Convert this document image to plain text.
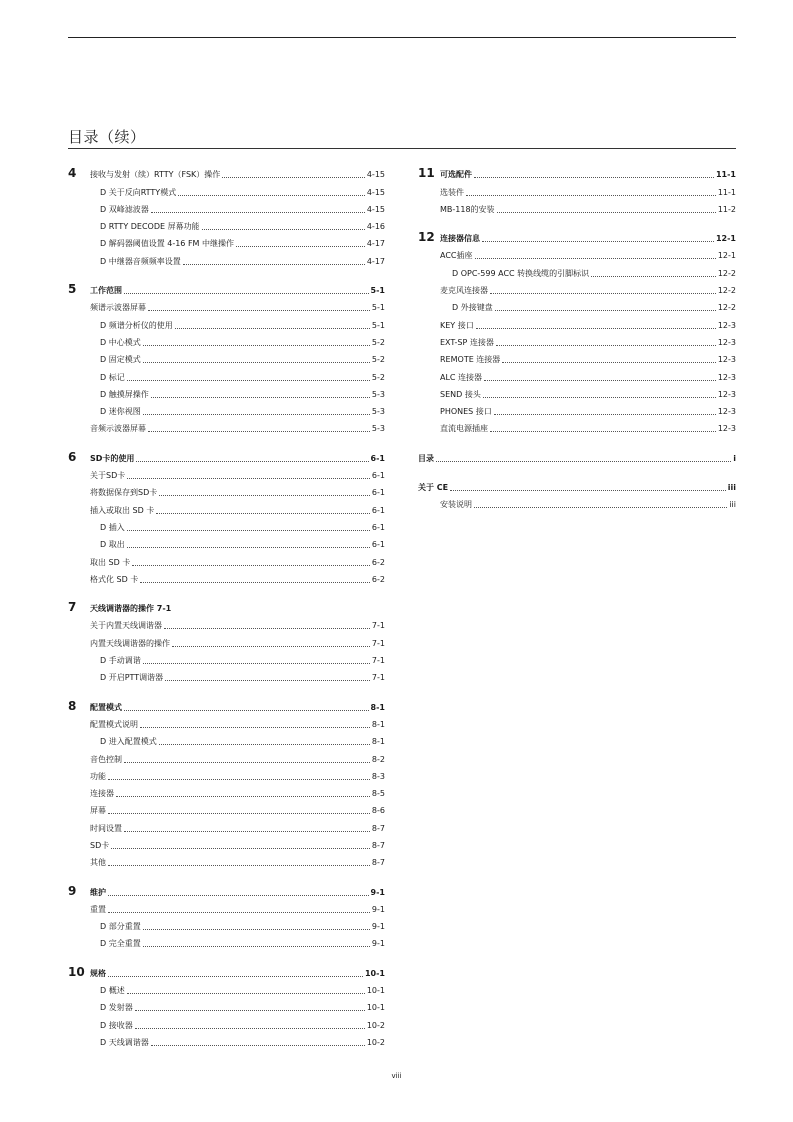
目录（续）
4	接收与发射（续）RTTY（FSK）操作	4-15
D 关于反向RTTY模式	4-15
D 双峰滤波器	4-15
D RTTY DECODE 屏幕功能	4-16
D 解码器阈值设置 4-16 FM 中继操作	4-17
D 中继器音频频率设置	4-17
5	工作范围	5-1
频谱示波器屏幕	5-1
D 频谱分析仪的使用	5-1
D 中心模式	5-2
D 固定模式	5-2
D 标记	5-2
D 触摸屏操作	5-3
D 迷你视图	5-3
音频示波器屏幕	5-3
6	SD卡的使用	6-1
关于SD卡	6-1
将数据保存到SD卡	6-1
插入或取出 SD 卡	6-1
D 插入	6-1
D 取出	6-1
取出 SD 卡	6-2
格式化 SD 卡	6-2
7	天线调谐器的操作 7-1
关于内置天线调谐器	7-1
内置天线调谐器的操作	7-1
D 手动调谐	7-1
D 开启PTT调谐器	7-1
8	配置模式	8-1
配置模式说明	8-1
D 进入配置模式	8-1
音色控制	8-2
功能	8-3
连接器	8-5
屏幕	8-6
时间设置	8-7
SD卡	8-7
其他	8-7
9	维护	9-1
重置	9-1
D 部分重置	9-1
D 完全重置	9-1
10 规格	10-1
D 概述	10-1
D 发射器	10-1
D 接收器	10-2
D 天线调谐器	10-2
11 可选配件	11-1
选装件	11-1
MB-118的安装	11-2
12 连接器信息	12-1
ACC插座	12-1
D OPC-599 ACC 转换线缆的引脚标识	12-2
麦克风连接器	12-2
D 外接键盘	12-2
KEY 接口	12-3
EXT-SP 连接器	12-3
REMOTE 连接器	12-3
ALC 连接器	12-3
SEND 接头	12-3
PHONES 接口	12-3
直流电源插座	12-3
目录	i
关于 CE	iii
安装说明	iii
viii
